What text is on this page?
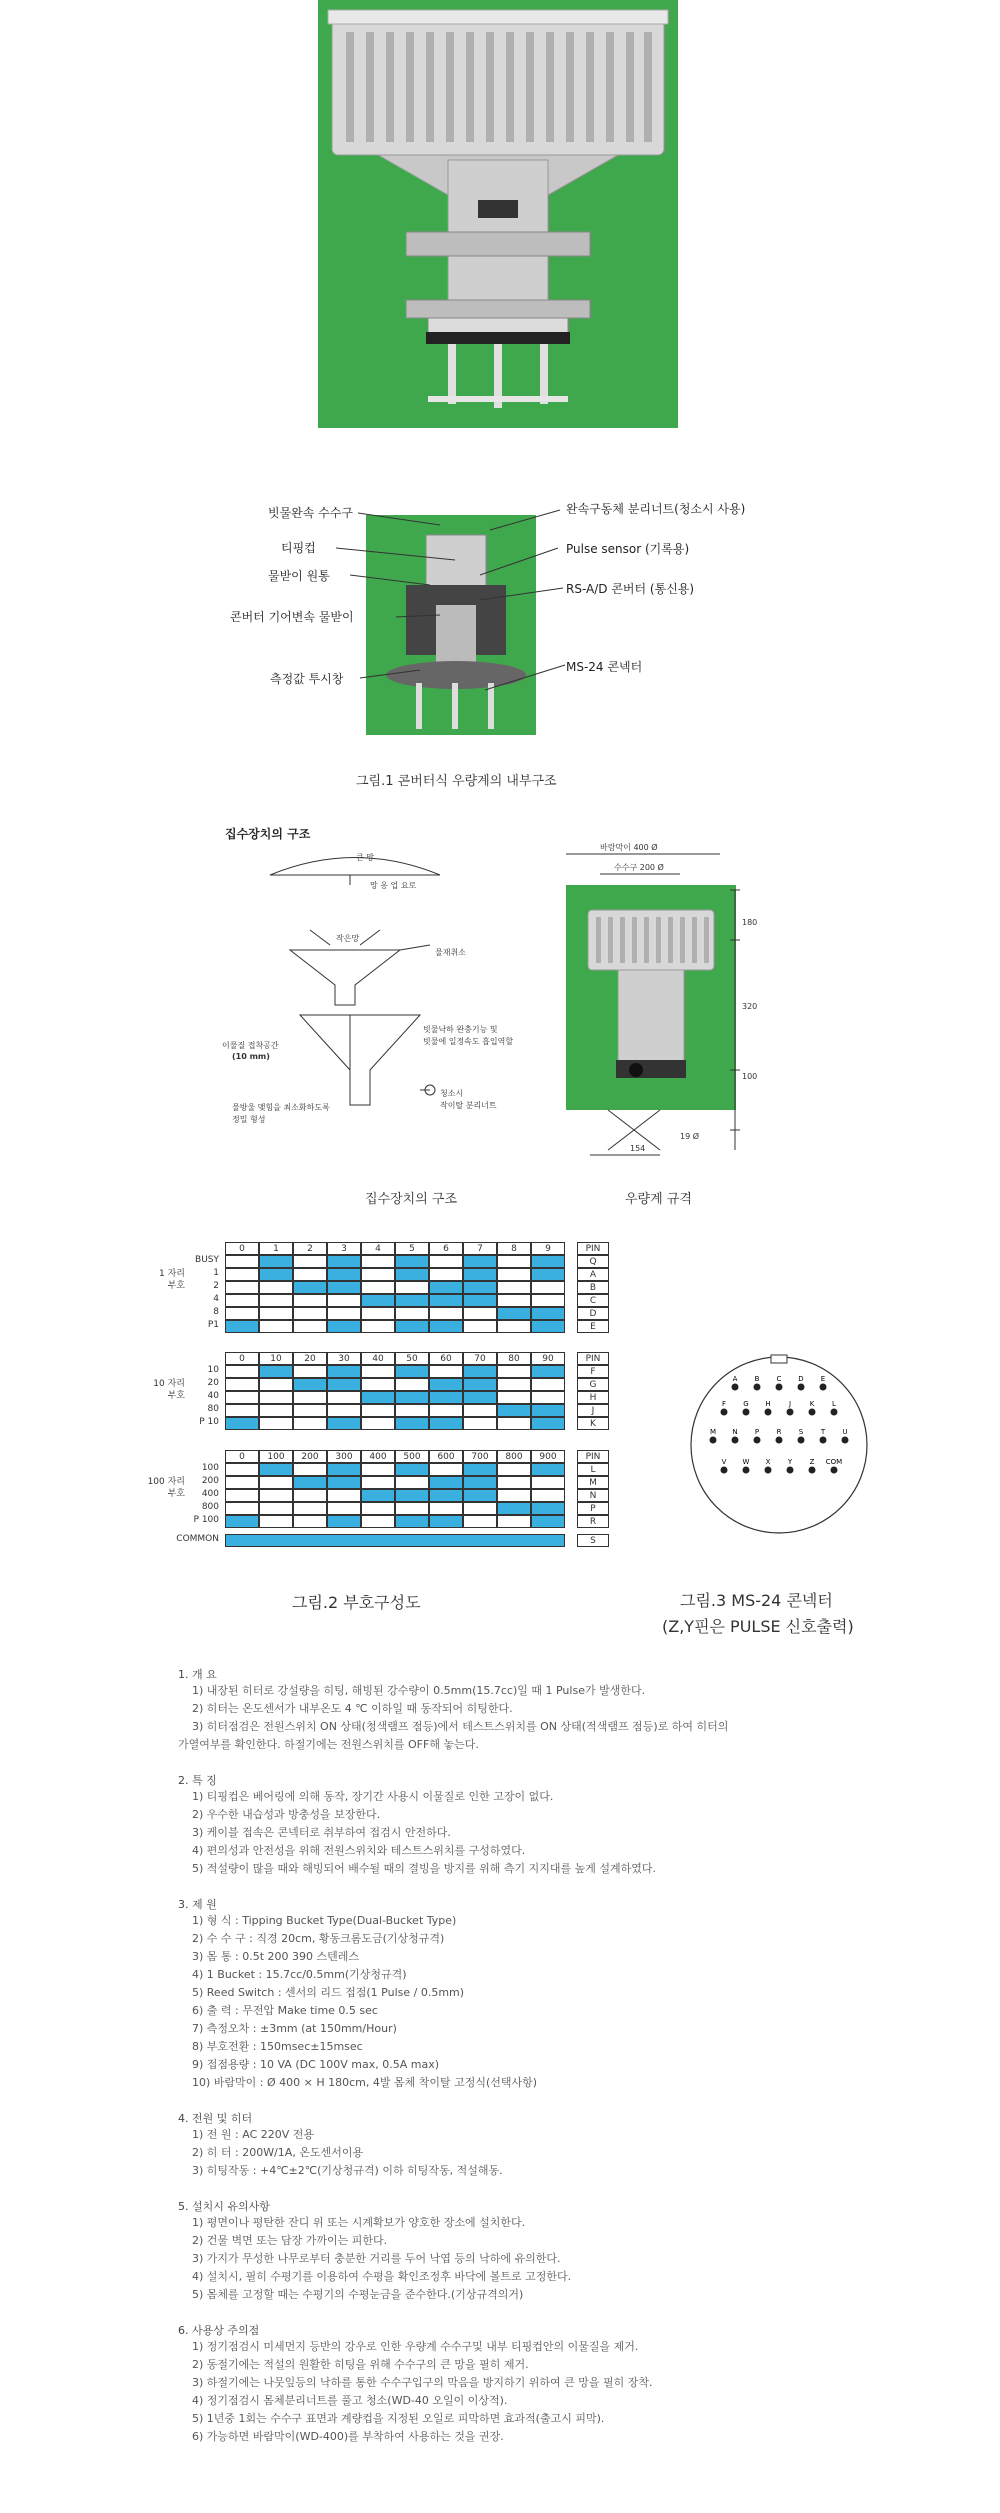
빗물완속 수수구
티핑컵
물받이 원통
콘버터 기어변속 물받이
측정값 투시창
완속구동체 분리너트(청소시 사용)
Pulse sensor (기록용)
RS-A/D 콘버터 (통신용)
MS-24 콘넥터
그림.1 콘버터식 우량계의 내부구조
집수장치의 구조
큰 망
망 옹 업 요로
작은망
물재취소
이물질 접착공간
(10 mm)
빗물낙하 완충기능 및
빗물에 일정속도 흡입역할
물방울 맺힘을 최소화하도록
정밀 형성
청소시
작이탈 분리너트
집수장치의 구조
바람막이 400 Ø
수수구 200 Ø
180
320
100
154
19 Ø
우량계 규격
0	1	2	3	4	5	6	7	8	9	PIN
BUSY	Q
1	A
2	B
4	C
8	D
P1	E
1 자리
부호
0	10	20	30	40	50	60	70	80	90	PIN
10	F
20	G
40	H
80	J
P 10	K
10 자리
부호
0	100	200	300	400	500	600	700	800	900	PIN
100	L
200	M
400	N
800	P
P 100	R
100 자리
부호
COMMON	S
그림.2 부호구성도
A B C D E
F G H	J	K	L
M N P R S	T U
V W X Y Z COM
그림.3 MS-24 콘넥터
(Z,Y핀은 PULSE 신호출력)
1. 개 요
1) 내장된 히터로 강설량을 히팅, 해빙된 강수량이 0.5mm(15.7cc)일 때 1 Pulse가 발생한다.
2) 히터는 온도센서가 내부온도 4 ℃ 이하일 때 동작되어 히팅한다.
3) 히터점검은 전원스위치 ON 상태(청색램프 점등)에서 테스트스위치를 ON 상태(적색램프 점등)로 하여 히터의
가열여부를 확인한다. 하절기에는 전원스위치를 OFF해 놓는다.
2. 특 징
1) 티핑컵은 베어링에 의해 동작, 장기간 사용시 이물질로 인한 고장이 없다.
2) 우수한 내습성과 방충성을 보장한다.
3) 케이블 접속은 콘넥터로 취부하여 접검시 안전하다.
4) 편의성과 안전성을 위해 전원스위치와 테스트스위치를 구성하였다.
5) 적설량이 많을 때와 해빙되어 배수될 때의 결빙을 방지를 위해 측기 지지대를 높게 설계하였다.
3. 제 원
1) 형 식 : Tipping Bucket Type(Dual-Bucket Type)
2) 수 수 구 : 직경 20cm, 황동크롬도금(기상청규격)
3) 몸 통 : 0.5t 200 390 스텐레스
4) 1 Bucket : 15.7cc/0.5mm(기상청규격)
5) Reed Switch : 센서의 리드 접점(1 Pulse / 0.5mm)
6) 출 력 : 무전압 Make time 0.5 sec
7) 측정오차 : ±3mm (at 150mm/Hour)
8) 부호전환 : 150msec±15msec
9) 접점용량 : 10 VA (DC 100V max, 0.5A max)
10) 바람막이 : Ø 400 × H 180cm, 4발 몸체 착이탈 고정식(선택사항)
4. 전원 및 히터
1) 전 원 : AC 220V 전용
2) 히 터 : 200W/1A, 온도센서이용
3) 히팅작동 : +4℃±2℃(기상청규격) 이하 히팅작동, 적설해동.
5. 설치시 유의사항
1) 평면이나 평탄한 잔디 위 또는 시계확보가 양호한 장소에 설치한다.
2) 건물 벽면 또는 담장 가까이는 피한다.
3) 가지가 무성한 나무로부터 충분한 거리를 두어 낙엽 등의 낙하에 유의한다.
4) 설치시, 필히 수평기를 이용하여 수평을 확인조정후 바닥에 볼트로 고정한다.
5) 몸체를 고정할 때는 수평기의 수평눈금을 준수한다.(기상규격의거)
6. 사용상 주의점
1) 정기점검시 미세먼지 등반의 강우로 인한 우량계 수수구및 내부 티핑컵안의 이물질을 제거.
2) 동절기에는 적설의 원활한 히팅을 위해 수수구의 큰 망을 필히 제거.
3) 하절기에는 나뭇잎등의 낙하를 통한 수수구입구의 막음을 방지하기 위하여 큰 망을 필히 장착.
4) 정기점검시 몸체분리너트를 풀고 청소(WD-40 오일이 이상적).
5) 1년중 1회는 수수구 표면과 계량컵을 지정된 오일로 피막하면 효과적(출고시 피막).
6) 가능하면 바람막이(WD-400)를 부착하여 사용하는 것을 권장.
